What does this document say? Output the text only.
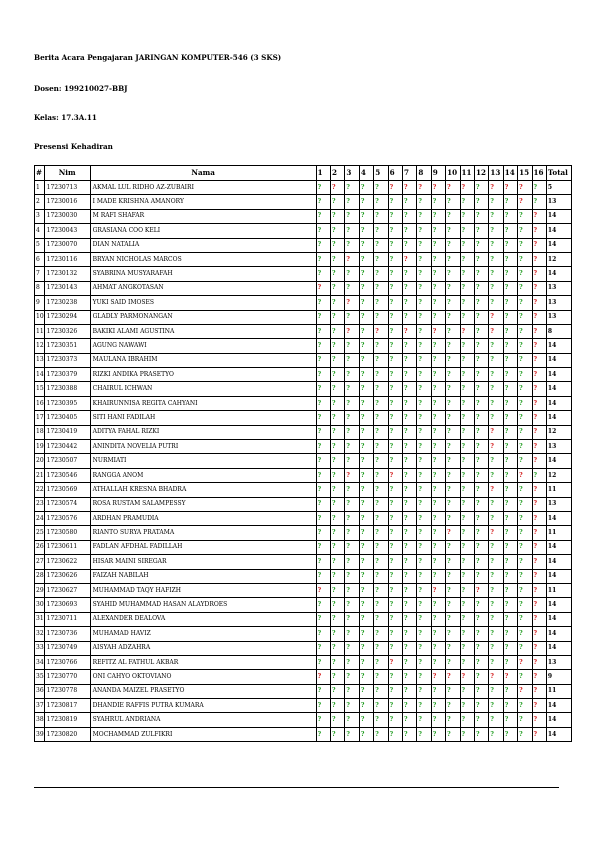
Berita Acara Pengajaran JARINGAN KOMPUTER-546 (3 SKS)
Dosen: 199210027-BBJ
Kelas: 17.3A.11
Presensi Kehadiran
#	Nim	Nama	1	2	3	4	5	6	7	8	9	10	11	12	13	14	15	16	Total
1	17230713	AKMAL LUL RIDHO AZ-ZUBAIRI	?	?	?	?	?	?	?	?	?	?	?	?	?	?	?	?	5
2	17230016	I MADE KRISHNA AMANORY	?	?	?	?	?	?	?	?	?	?	?	?	?	?	?	?	13
3	17230030	M RAFI SHAFAR	?	?	?	?	?	?	?	?	?	?	?	?	?	?	?	?	14
4	17230043	GRASIANA COO KELI	?	?	?	?	?	?	?	?	?	?	?	?	?	?	?	?	14
5	17230070	DIAN NATALIA	?	?	?	?	?	?	?	?	?	?	?	?	?	?	?	?	14
6	17230116	BRYAN NICHOLAS MARCOS	?	?	?	?	?	?	?	?	?	?	?	?	?	?	?	?	12
7	17230132	SYABRINA MUSYARAFAH	?	?	?	?	?	?	?	?	?	?	?	?	?	?	?	?	14
8	17230143	AHMAT ANGKOTASAN	?	?	?	?	?	?	?	?	?	?	?	?	?	?	?	?	13
9	17230238	YUKI SAID IMOSES	?	?	?	?	?	?	?	?	?	?	?	?	?	?	?	?	13
10	17230294	GLADLY PARMONANGAN	?	?	?	?	?	?	?	?	?	?	?	?	?	?	?	?	13
11	17230326	BAKIKI ALAMI AGUSTINA	?	?	?	?	?	?	?	?	?	?	?	?	?	?	?	?	8
12	17230351	AGUNG NAWAWI	?	?	?	?	?	?	?	?	?	?	?	?	?	?	?	?	14
13	17230373	MAULANA IBRAHIM	?	?	?	?	?	?	?	?	?	?	?	?	?	?	?	?	14
14	17230379	RIZKI ANDIKA PRASETYO	?	?	?	?	?	?	?	?	?	?	?	?	?	?	?	?	14
15	17230388	CHAIRUL ICHWAN	?	?	?	?	?	?	?	?	?	?	?	?	?	?	?	?	14
16	17230395	KHAIRUNNISA REGITA CAHYANI	?	?	?	?	?	?	?	?	?	?	?	?	?	?	?	?	14
17	17230405	SITI HANI FADILAH	?	?	?	?	?	?	?	?	?	?	?	?	?	?	?	?	14
18	17230419	ADITYA FAHAL RIZKI	?	?	?	?	?	?	?	?	?	?	?	?	?	?	?	?	12
19	17230442	ANINDITA NOVELIA PUTRI	?	?	?	?	?	?	?	?	?	?	?	?	?	?	?	?	13
20	17230507	NURMIATI	?	?	?	?	?	?	?	?	?	?	?	?	?	?	?	?	14
21	17230546	RANGGA ANOM	?	?	?	?	?	?	?	?	?	?	?	?	?	?	?	?	12
22	17230569	ATHALLAH KRESNA BHADRA	?	?	?	?	?	?	?	?	?	?	?	?	?	?	?	?	11
23	17230574	ROSA RUSTAM SALAMPESSY	?	?	?	?	?	?	?	?	?	?	?	?	?	?	?	?	13
24	17230576	ARDHAN PRAMUDIA	?	?	?	?	?	?	?	?	?	?	?	?	?	?	?	?	14
25	17230580	RIANTO SURYA PRATAMA	?	?	?	?	?	?	?	?	?	?	?	?	?	?	?	?	11
26	17230611	FADLAN AFDHAL FADILLAH	?	?	?	?	?	?	?	?	?	?	?	?	?	?	?	?	14
27	17230622	HISAR MAINI SIREGAR	?	?	?	?	?	?	?	?	?	?	?	?	?	?	?	?	14
28	17230626	FAIZAH NABILAH	?	?	?	?	?	?	?	?	?	?	?	?	?	?	?	?	14
29	17230627	MUHAMMAD TAQY HAFIZH	?	?	?	?	?	?	?	?	?	?	?	?	?	?	?	?	11
30	17230693	SYAHID MUHAMMAD HASAN ALAYDROES	?	?	?	?	?	?	?	?	?	?	?	?	?	?	?	?	14
31	17230711	ALEXANDER DEALOVA	?	?	?	?	?	?	?	?	?	?	?	?	?	?	?	?	14
32	17230736	MUHAMAD HAVIZ	?	?	?	?	?	?	?	?	?	?	?	?	?	?	?	?	14
33	17230749	AISYAH ADZAHRA	?	?	?	?	?	?	?	?	?	?	?	?	?	?	?	?	14
34	17230766	REFITZ AL FATHUL AKBAR	?	?	?	?	?	?	?	?	?	?	?	?	?	?	?	?	13
35	17230770	ONI CAHYO OKTOVIANO	?	?	?	?	?	?	?	?	?	?	?	?	?	?	?	?	9
36	17230778	ANANDA MAIZEL PRASETYO	?	?	?	?	?	?	?	?	?	?	?	?	?	?	?	?	11
37	17230817	DHANDIE RAFFIS PUTRA KUMARA	?	?	?	?	?	?	?	?	?	?	?	?	?	?	?	?	14
38	17230819	SYAHRUL ANDRIANA	?	?	?	?	?	?	?	?	?	?	?	?	?	?	?	?	14
39	17230820	MOCHAMMAD ZULFIKRI	?	?	?	?	?	?	?	?	?	?	?	?	?	?	?	?	14
